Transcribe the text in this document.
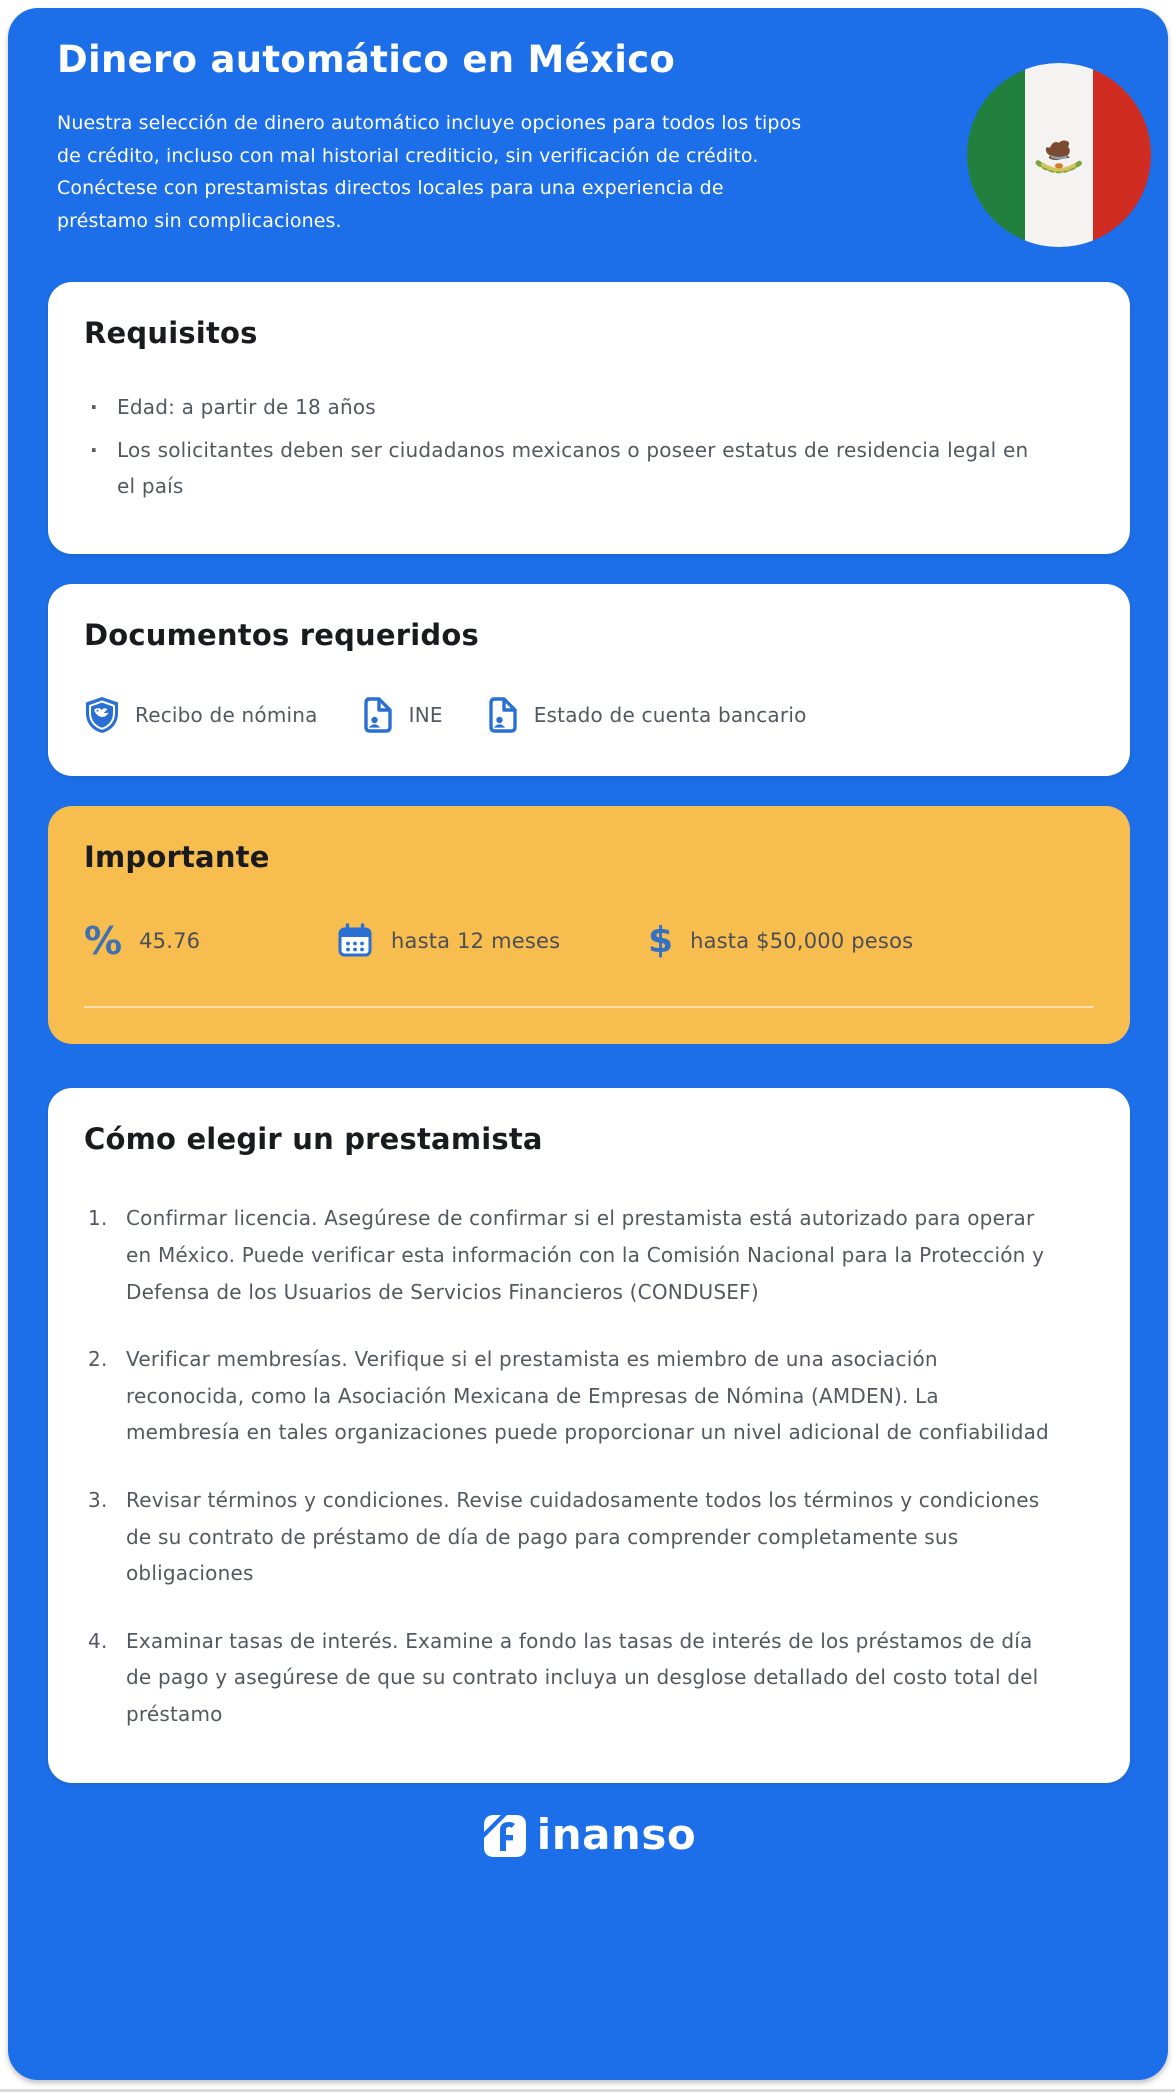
Dinero automático en México

Nuestra selección de dinero automático incluye opciones para todos los tipos de crédito, incluso con mal historial crediticio, sin verificación de crédito. Conéctese con prestamistas directos locales para una experiencia de préstamo sin complicaciones.

Requisitos
· Edad: a partir de 18 años
· Los solicitantes deben ser ciudadanos mexicanos o poseer estatus de residencia legal en el país
Documentos requeridos
Recibo de nómina	INE	Estado de cuenta bancario
Importante
% 45.76	hasta 12 meses $ hasta $50,000 pesos
Cómo elegir un prestamista
Confirmar licencia. Asegúrese de confirmar si el prestamista está autorizado para operar en México. Puede verificar esta información con la Comisión Nacional para la Protección y Defensa de los Usuarios de Servicios Financieros (CONDUSEF)
Verificar membresías. Verifique si el prestamista es miembro de una asociación reconocida, como la Asociación Mexicana de Empresas de Nómina (AMDEN). La membresía en tales organizaciones puede proporcionar un nivel adicional de confiabilidad
Revisar términos y condiciones. Revise cuidadosamente todos los términos y condiciones de su contrato de préstamo de día de pago para comprender completamente sus obligaciones
Examinar tasas de interés. Examine a fondo las tasas de interés de los préstamos de día de pago y asegúrese de que su contrato incluya un desglose detallado del costo total del préstamo
inanso
